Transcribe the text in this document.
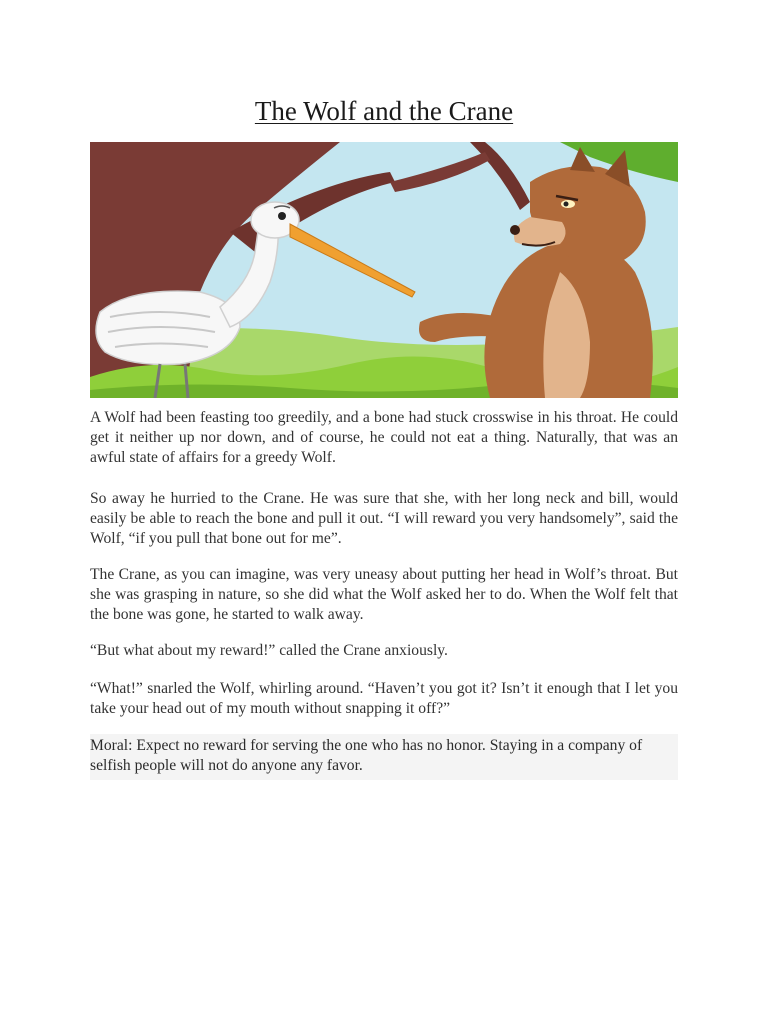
The Wolf and the Crane

A Wolf had been feasting too greedily, and a bone had stuck crosswise in his throat. He could get it neither up nor down, and of course, he could not eat a thing. Naturally, that was an awful state of affairs for a greedy Wolf.

So away he hurried to the Crane. He was sure that she, with her long neck and bill, would easily be able to reach the bone and pull it out. “I will reward you very handsomely”, said the Wolf, “if you pull that bone out for me”.

The Crane, as you can imagine, was very uneasy about putting her head in Wolf’s throat. But she was grasping in nature, so she did what the Wolf asked her to do. When the Wolf felt that the bone was gone, he started to walk away.

“But what about my reward!” called the Crane anxiously.

“What!” snarled the Wolf, whirling around. “Haven’t you got it? Isn’t it enough that I let you take your head out of my mouth without snapping it off?”

Moral: Expect no reward for serving the one who has no honor. Staying in a company of selfish people will not do anyone any favor.
